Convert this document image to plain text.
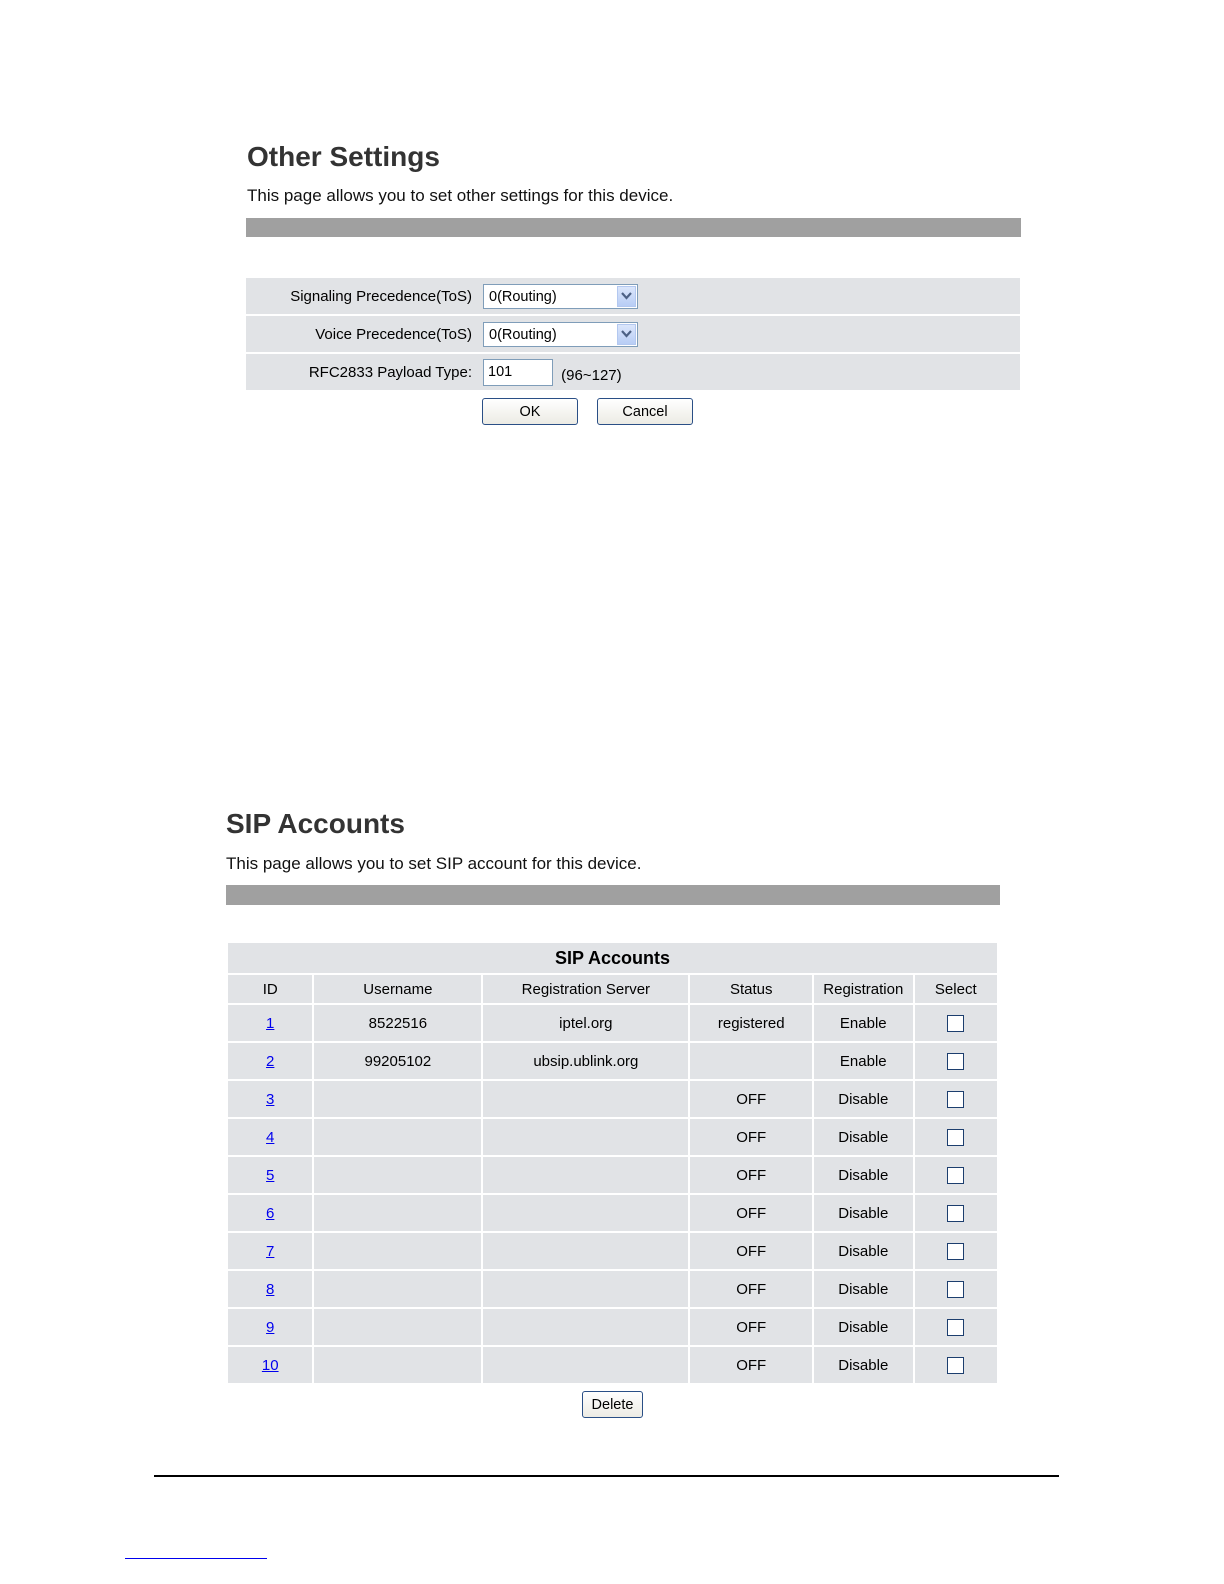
Other Settings

This page allows you to set other settings for this device.

Signaling Precedence(ToS)	0(Routing)

Voice Precedence(ToS)	0(Routing)

RFC2833 Payload Type:	101(96~127)
OK	Cancel
SIP Accounts

This page allows you to set SIP account for this device.

SIP Accounts					
ID	Username	Registration Server	Status	Registration	Select
1	8522516	iptel.org	registered	Enable	
2	99205102	ubsip.ublink.org		Enable	
3			OFF	Disable	
4			OFF	Disable	
5			OFF	Disable	
6			OFF	Disable	
7			OFF	Disable	
8			OFF	Disable	
9			OFF	Disable	
10			OFF	Disable	
Delete
